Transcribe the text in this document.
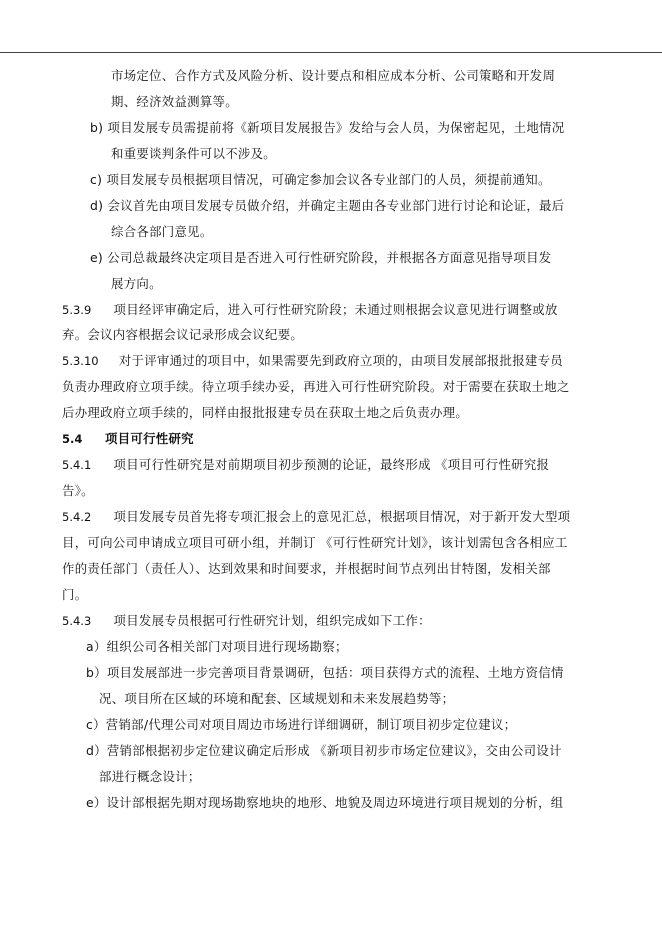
市场定位、合作方式及风险分析、设计要点和相应成本分析、公司策略和开发周
期、经济效益测算等。
b) 项目发展专员需提前将《新项目发展报告》发给与会人员，为保密起见，土地情况
和重要谈判条件可以不涉及。
c) 项目发展专员根据项目情况，可确定参加会议各专业部门的人员，须提前通知。
d) 会议首先由项目发展专员做介绍，并确定主题由各专业部门进行讨论和论证，最后
综合各部门意见。
e) 公司总裁最终决定项目是否进入可行性研究阶段，并根据各方面意见指导项目发
展方向。
5.3.9 项目经评审确定后，进入可行性研究阶段；未通过则根据会议意见进行调整或放
弃。会议内容根据会议记录形成会议纪要。
5.3.10 对于评审通过的项目中，如果需要先到政府立项的，由项目发展部报批报建专员
负责办理政府立项手续。待立项手续办妥，再进入可行性研究阶段。对于需要在获取土地之
后办理政府立项手续的，同样由报批报建专员在获取土地之后负责办理。
5.4 项目可行性研究
5.4.1 项目可行性研究是对前期项目初步预测的论证，最终形成 《项目可行性研究报
告》。
5.4.2 项目发展专员首先将专项汇报会上的意见汇总，根据项目情况，对于新开发大型项
目，可向公司申请成立项目可研小组，并制订 《可行性研究计划》，该计划需包含各相应工
作的责任部门（责任人）、达到效果和时间要求，并根据时间节点列出甘特图，发相关部
门。
5.4.3 项目发展专员根据可行性研究计划，组织完成如下工作：
a）组织公司各相关部门对项目进行现场勘察；
b）项目发展部进一步完善项目背景调研，包括：项目获得方式的流程、土地方资信情
况、项目所在区域的环境和配套、区域规划和未来发展趋势等；
c）营销部/代理公司对项目周边市场进行详细调研，制订项目初步定位建议；
d）营销部根据初步定位建议确定后形成 《新项目初步市场定位建议》，交由公司设计
部进行概念设计；
e）设计部根据先期对现场勘察地块的地形、地貌及周边环境进行项目规划的分析，组
